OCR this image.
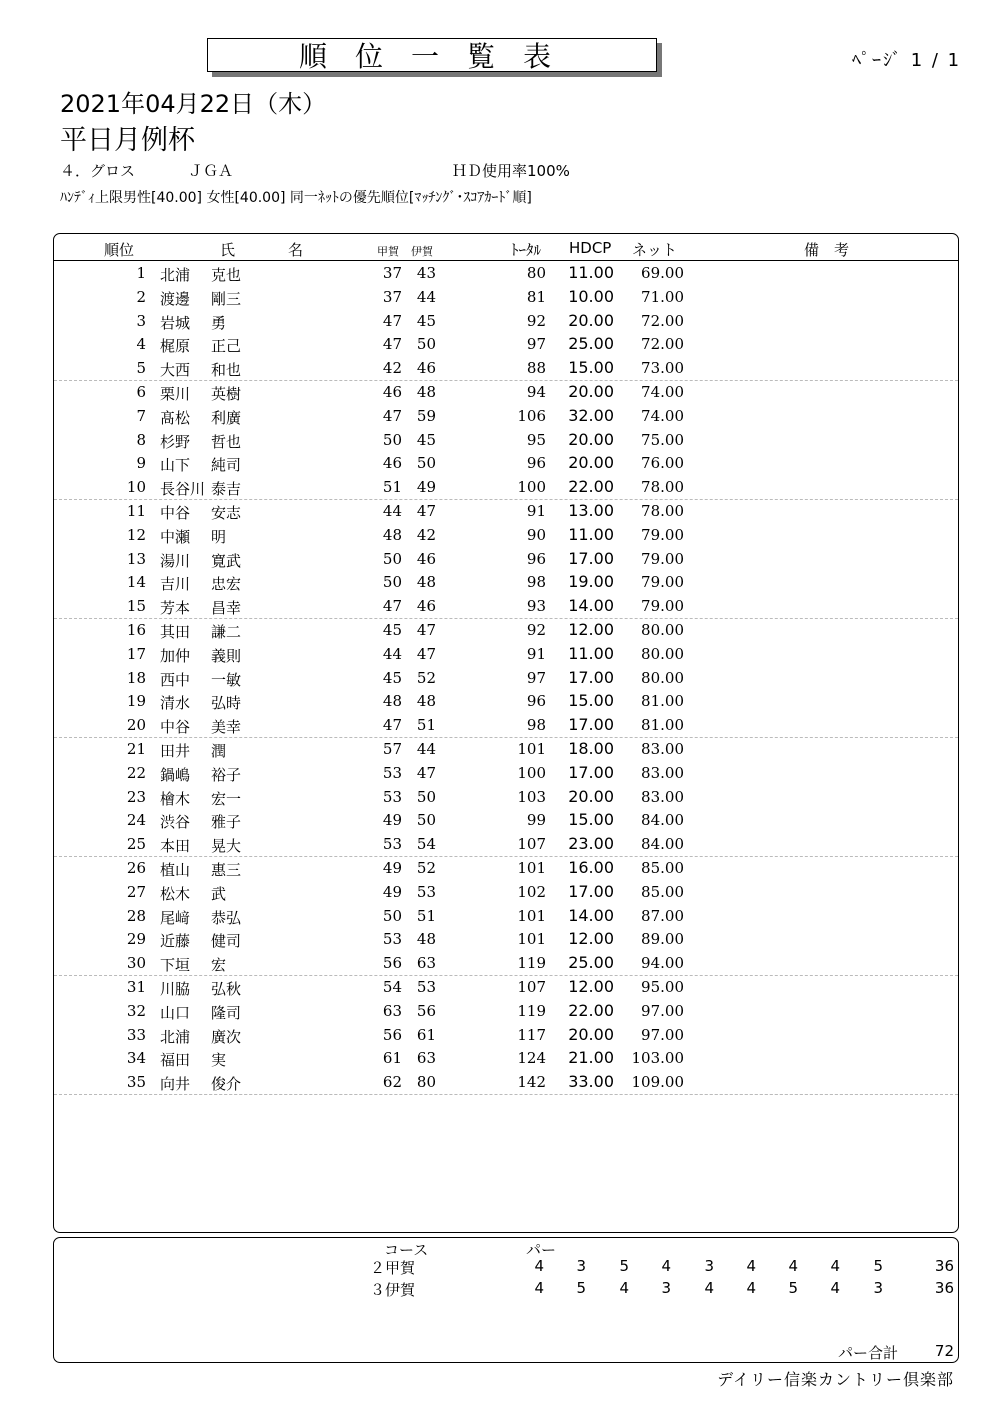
順位一覧表	ﾍﾟｰｼﾞ 1 / 1
2021年04月22日（木）
平日月例杯
４．グロス	ＪＧＡ	ＨＤ使用率100%
ﾊﾝﾃﾞｨ上限男性[40.00] 女性[40.00] 同一ﾈｯﾄの優先順位[ﾏｯﾁﾝｸﾞ･ｽｺｱｶｰﾄﾞ順]
順位	氏	名	甲賀 伊賀	ﾄｰﾀﾙ HDCP ネット	備　考
1 北浦 克也	37 43	80	11.00	69.00
2 渡邊 剛三	37 44	81	10.00	71.00
3 岩城 勇	47 45	92	20.00	72.00
4 梶原 正己	47 50	97	25.00	72.00
5 大西 和也	42 46	88	15.00	73.00
6 栗川 英樹	46 48	94	20.00	74.00
7 髙松 利廣	47 59	106	32.00	74.00
8 杉野 哲也	50 45	95	20.00	75.00
9 山下 純司	46 50	96	20.00	76.00
10 長谷川 泰吉	51 49	100	22.00	78.00
11 中谷 安志	44 47	91	13.00	78.00
12 中瀬 明	48 42	90	11.00	79.00
13 湯川 寛武	50 46	96	17.00	79.00
14 吉川 忠宏	50 48	98	19.00	79.00
15 芳本 昌幸	47 46	93	14.00	79.00
16 其田 謙二	45 47	92	12.00	80.00
17 加仲 義則	44 47	91	11.00	80.00
18 西中 一敏	45 52	97	17.00	80.00
19 清水 弘時	48 48	96	15.00	81.00
20 中谷 美幸	47 51	98	17.00	81.00
21 田井 潤	57 44	101	18.00	83.00
22 鍋嶋 裕子	53 47	100	17.00	83.00
23 檜木 宏一	53 50	103	20.00	83.00
24 渋谷 雅子	49 50	99	15.00	84.00
25 本田 晃大	53 54	107	23.00	84.00
26 植山 惠三	49 52	101	16.00	85.00
27 松木 武	49 53	102	17.00	85.00
28 尾﨑 恭弘	50 51	101	14.00	87.00
29 近藤 健司	53 48	101	12.00	89.00
30 下垣 宏	56 63	119	25.00	94.00
31 川脇 弘秋	54 53	107	12.00	95.00
32 山口 隆司	63 56	119	22.00	97.00
33 北浦 廣次	56 61	117	20.00	97.00
34 福田 実	61 63	124	21.00	103.00
35 向井 俊介	62 80	142	33.00	109.00
コース	パー
２甲賀	4	3	5	4	3	4	4	4	5	36
３伊賀	4	5	4	3	4	4	5	4	3	36
パー合計	72
デイリー信楽カントリー倶楽部
